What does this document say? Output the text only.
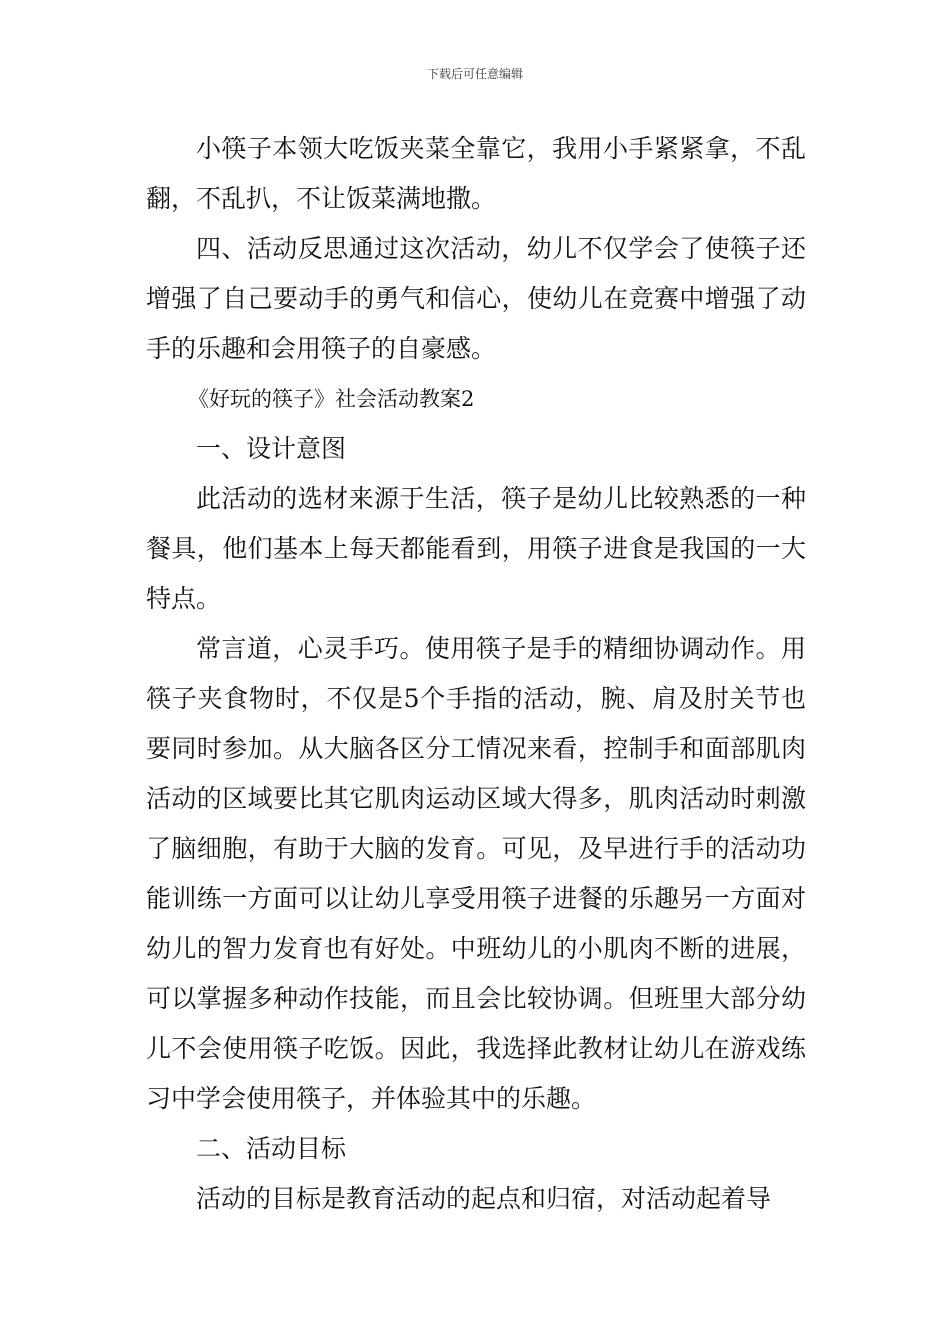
下载后可任意编辑

小筷子本领大吃饭夹菜全靠它，我用小手紧紧拿，不乱翻，不乱扒，不让饭菜满地撒。

四、活动反思通过这次活动，幼儿不仅学会了使筷子还增强了自己要动手的勇气和信心，使幼儿在竞赛中增强了动手的乐趣和会用筷子的自豪感。

《好玩的筷子》社会活动教案2

一、设计意图

此活动的选材来源于生活，筷子是幼儿比较熟悉的一种餐具，他们基本上每天都能看到，用筷子进食是我国的一大特点。

常言道，心灵手巧。使用筷子是手的精细协调动作。用筷子夹食物时，不仅是5个手指的活动，腕、肩及肘关节也要同时参加。从大脑各区分工情况来看，控制手和面部肌肉活动的区域要比其它肌肉运动区域大得多，肌肉活动时刺激了脑细胞，有助于大脑的发育。可见，及早进行手的活动功能训练一方面可以让幼儿享受用筷子进餐的乐趣另一方面对幼儿的智力发育也有好处。中班幼儿的小肌肉不断的进展，可以掌握多种动作技能，而且会比较协调。但班里大部分幼儿不会使用筷子吃饭。因此，我选择此教材让幼儿在游戏练习中学会使用筷子，并体验其中的乐趣。

二、活动目标

活动的目标是教育活动的起点和归宿，对活动起着导
